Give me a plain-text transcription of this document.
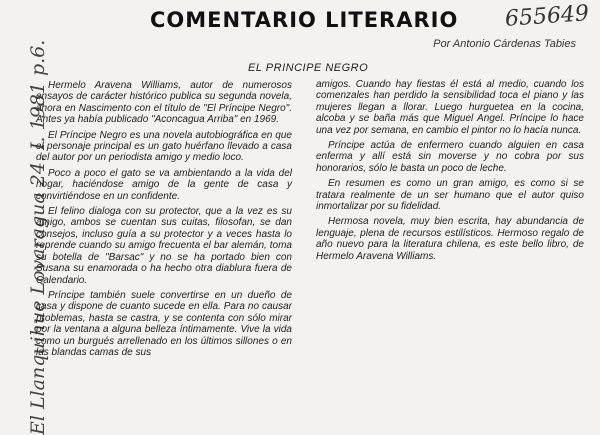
COMENTARIO LITERARIO 655649
Por Antonio Cárdenas Tabies
EL PRINCIPE NEGRO
El Llanquihue Lovaragua 24. I. 1981 p.6. Hermelo Aravena Williams, autor de numerosos ensayos de carácter histórico publica su segunda novela, ahora en Nascimento con el título de "El Príncipe Negro". Antes ya había publicado "Aconcagua Arriba" en 1969.

El Príncipe Negro es una novela autobiográfica en que el personaje principal es un gato huérfano llevado a casa del autor por un periodista amigo y medio loco.

Poco a poco el gato se va ambientando a la vida del hogar, haciéndose amigo de la gente de casa y convirtiéndose en un confidente.

El felino dialoga con su protector, que a la vez es su amigo, ambos se cuentan sus cuitas, filosofan, se dan consejos, incluso guía a su protector y a veces hasta lo reprende cuando su amigo frecuenta el bar alemán, toma su botella de "Barsac" y no se ha portado bien con Susana su enamorada o ha hecho otra diablura fuera de Calendario.

Príncipe también suele convertirse en un dueño de casa y dispone de cuanto sucede en ella. Para no causar problemas, hasta se castra, y se contenta con sólo mirar por la ventana a alguna belleza íntimamente. Vive la vida como un burgués arrellenado en los últimos sillones o en las blandas camas de sus

amigos. Cuando hay fiestas él está al medio, cuando los comenzales han perdido la sensibilidad toca el piano y las mujeres llegan a llorar. Luego hurguetea en la cocina, alcoba y se baña más que Miguel Angel. Príncipe lo hace una vez por semana, en cambio el pintor no lo hacía nunca.

Príncipe actúa de enfermero cuando alguien en casa enferma y allí está sin moverse y no cobra por sus honorarios, sólo le basta un poco de leche.

En resumen es como un gran amigo, es como si se tratara realmente de un ser humano que el autor quiso inmortalizar por su fidelidad.

Hermosa novela, muy bien escrita, hay abundancia de lenguaje, plena de recursos estilísticos. Hermoso regalo de año nuevo para la literatura chilena, es este bello libro, de Hermelo Aravena Williams.
